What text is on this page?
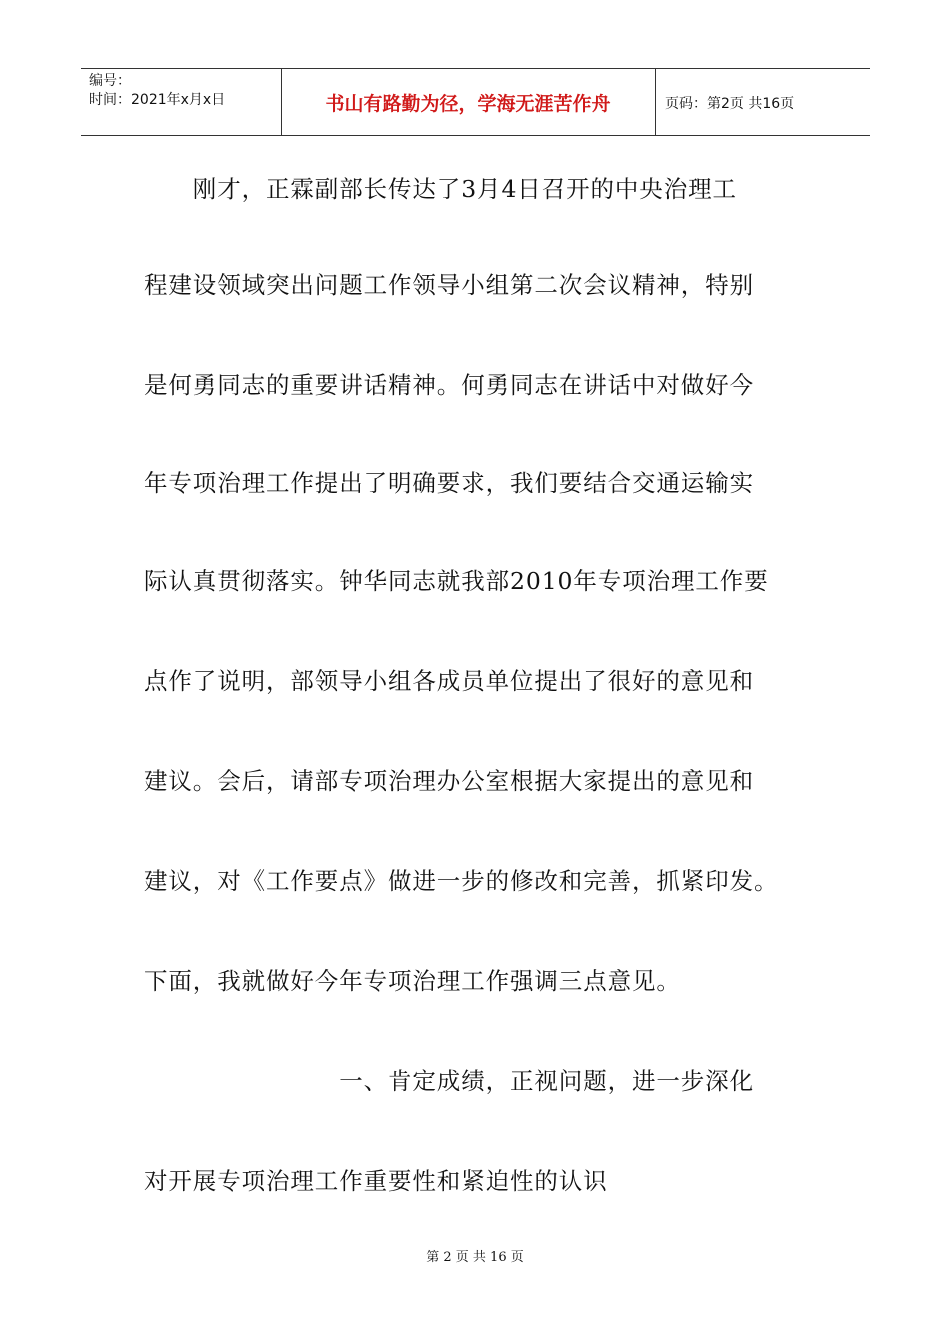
编号：
时间：2021年x月x日	书山有路勤为径，学海无涯苦作舟	页码：第2页 共16页
　　刚才，正霖副部长传达了3月4日召开的中央治理工
程建设领域突出问题工作领导小组第二次会议精神，特别
是何勇同志的重要讲话精神。何勇同志在讲话中对做好今
年专项治理工作提出了明确要求，我们要结合交通运输实
际认真贯彻落实。钟华同志就我部2010年专项治理工作要
点作了说明，部领导小组各成员单位提出了很好的意见和
建议。会后，请部专项治理办公室根据大家提出的意见和
建议，对《工作要点》做进一步的修改和完善，抓紧印发。
下面，我就做好今年专项治理工作强调三点意见。
　　　　　　　　一、肯定成绩，正视问题，进一步深化
对开展专项治理工作重要性和紧迫性的认识
第 2 页 共 16 页
